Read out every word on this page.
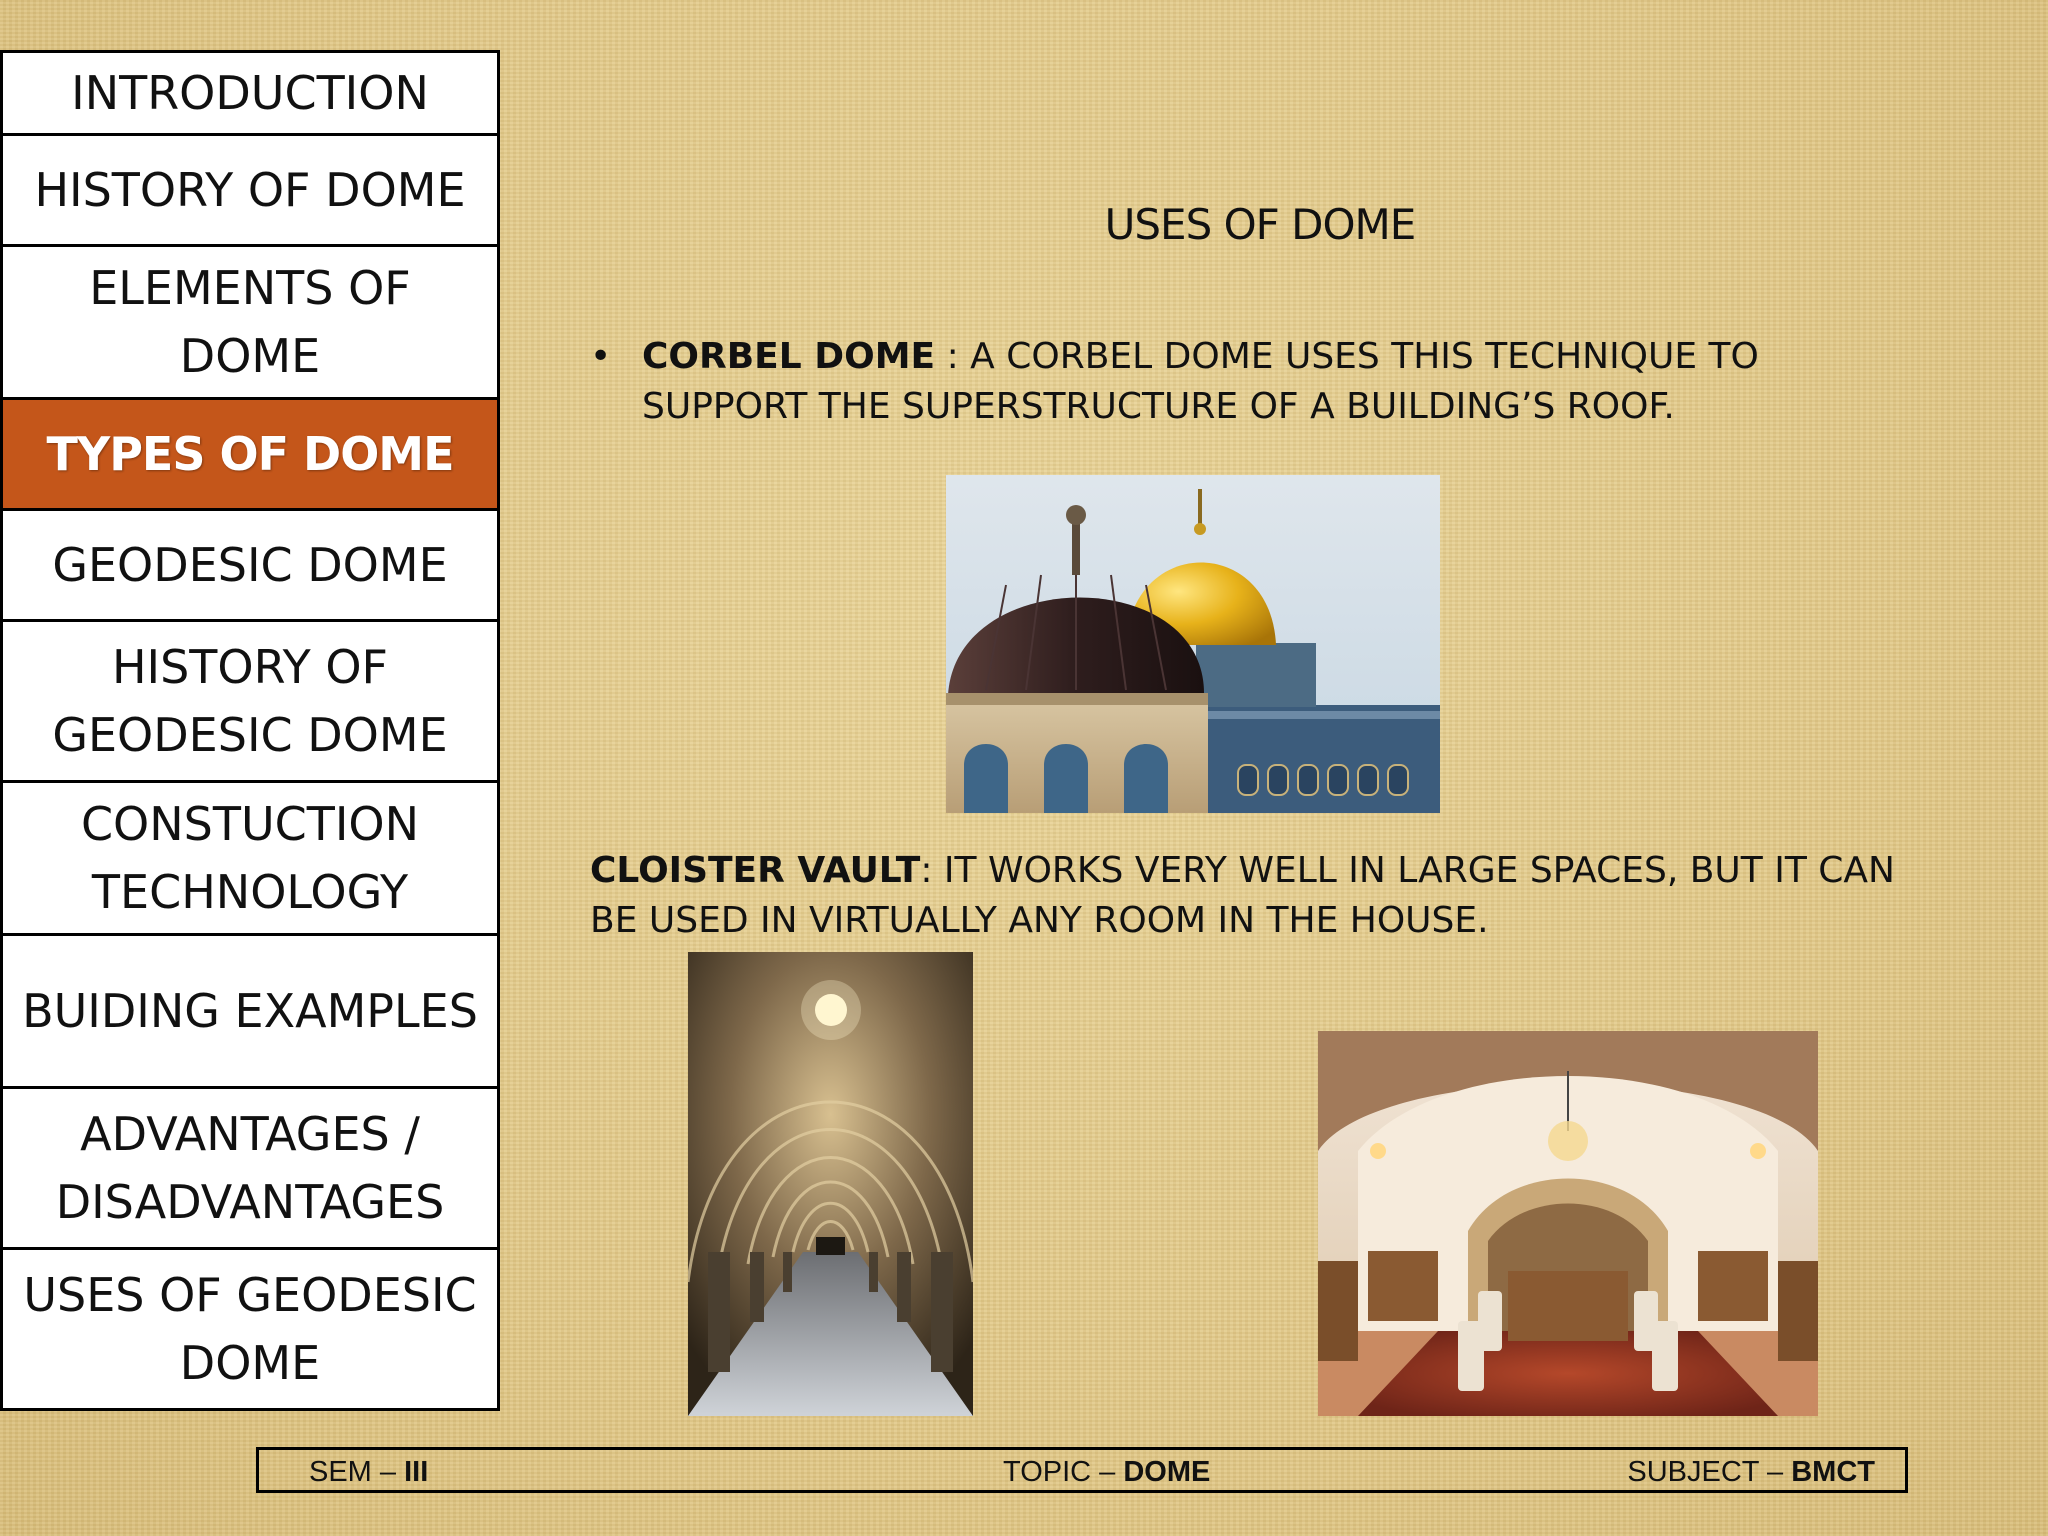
INTRODUCTION
HISTORY OF DOME
ELEMENTS OF DOME
TYPES OF DOME
GEODESIC DOME
HISTORY OF GEODESIC DOME
CONSTUCTION TECHNOLOGY
BUIDING EXAMPLES
ADVANTAGES / DISADVANTAGES
USES OF GEODESIC DOME
USES OF DOME
• CORBEL DOME : A CORBEL DOME USES THIS TECHNIQUE TO SUPPORT THE SUPERSTRUCTURE OF A BUILDING’S ROOF.
CLOISTER VAULT: IT WORKS VERY WELL IN LARGE SPACES, BUT IT CAN BE USED IN VIRTUALLY ANY ROOM IN THE HOUSE.
SEM – III	TOPIC – DOME	SUBJECT – BMCT
